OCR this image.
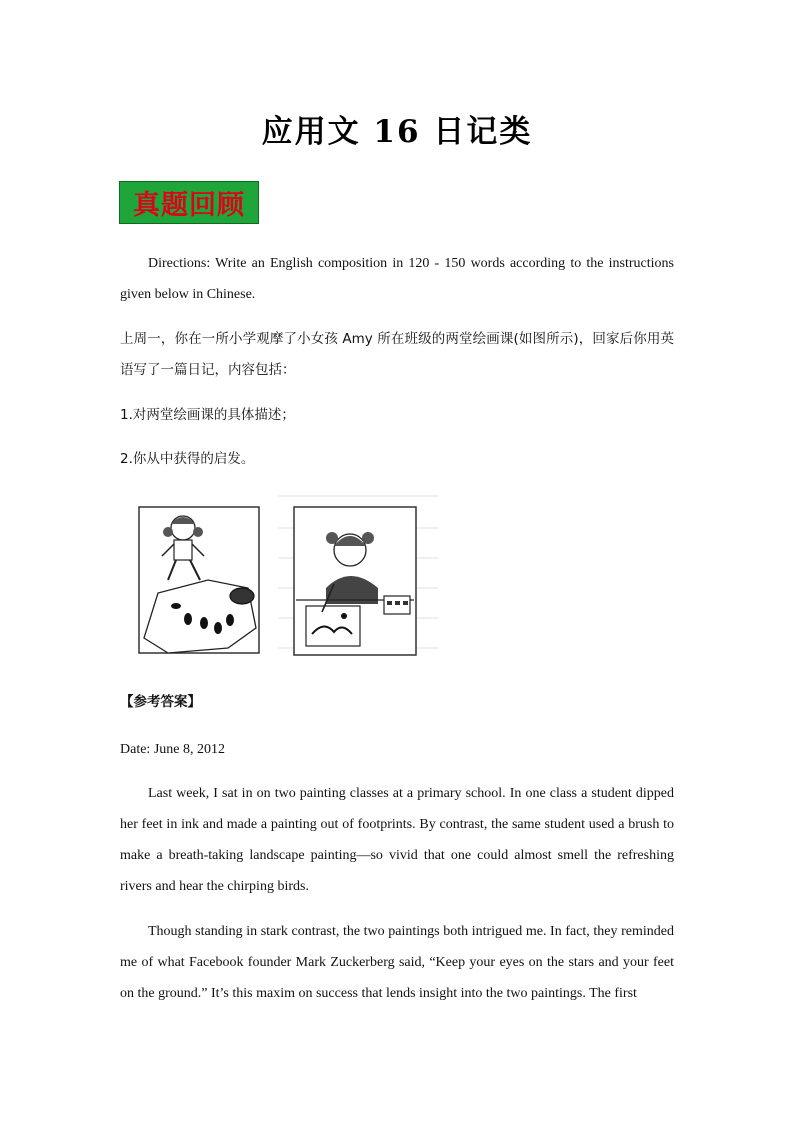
应用文 16 日记类
真题回顾

Directions: Write an English composition in 120 - 150 words according to the instructions given below in Chinese.

上周一，你在一所小学观摩了小女孩 Amy 所在班级的两堂绘画课(如图所示)，回家后你用英语写了一篇日记，内容包括：

1.对两堂绘画课的具体描述；

2.你从中获得的启发。

【参考答案】

Date: June 8, 2012

Last week, I sat in on two painting classes at a primary school. In one class a student dipped her feet in ink and made a painting out of footprints. By contrast, the same student used a brush to make a breath-taking landscape painting—so vivid that one could almost smell the refreshing rivers and hear the chirping birds.

Though standing in stark contrast, the two paintings both intrigued me. In fact, they reminded me of what Facebook founder Mark Zuckerberg said, “Keep your eyes on the stars and your feet on the ground.” It’s this maxim on success that lends insight into the two paintings. The first
